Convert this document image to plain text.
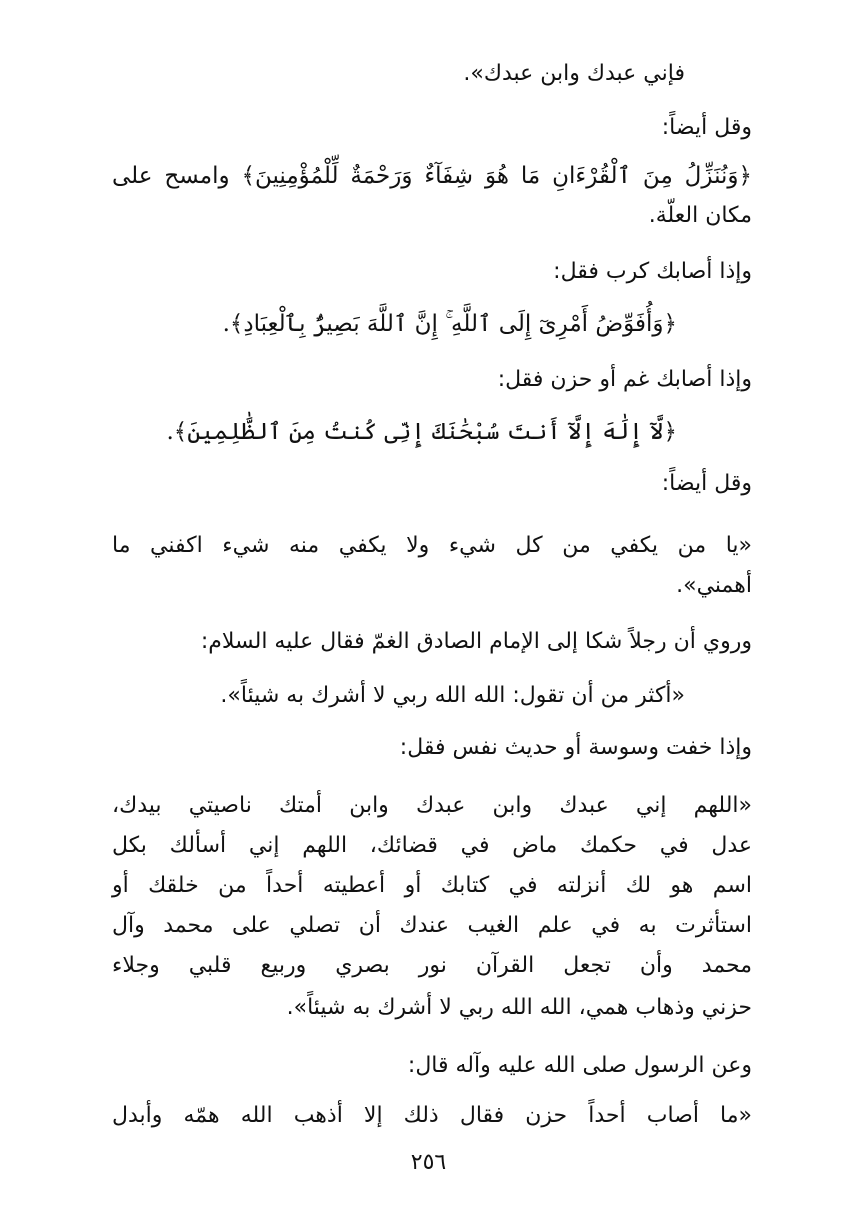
فإني عبدك وابن عبدك».
وقل أيضاً:
﴿وَنُنَزِّلُ مِنَ ٱلْقُرْءَانِ مَا هُوَ شِفَآءٌ وَرَحْمَةٌ لِّلْمُؤْمِنِينَ﴾ وامسح على
مكان العلّة.
وإذا أصابك كرب فقل:
﴿وَأُفَوِّضُ أَمْرِىٓ إِلَى ٱللَّهِ ۚ إِنَّ ٱللَّهَ بَصِيرٌۢ بِٱلْعِبَادِ﴾.
وإذا أصابك غم أو حزن فقل:
﴿لَّآ إِلَٰهَ إِلَّآ أَنتَ سُبْحَٰنَكَ إِنِّى كُنتُ مِنَ ٱلظَّٰلِمِينَ﴾.
وقل أيضاً:
«يا من يكفي من كل شيء ولا يكفي منه شيء اكفني ما
أهمني».
وروي أن رجلاً شكا إلى الإمام الصادق الغمّ فقال عليه السلام:
«أكثر من أن تقول: الله الله ربي لا أشرك به شيئاً».
وإذا خفت وسوسة أو حديث نفس فقل:
«اللهم إني عبدك وابن عبدك وابن أمتك ناصيتي بيدك،
عدل في حكمك ماض في قضائك، اللهم إني أسألك بكل
اسم هو لك أنزلته في كتابك أو أعطيته أحداً من خلقك أو
استأثرت به في علم الغيب عندك أن تصلي على محمد وآل
محمد وأن تجعل القرآن نور بصري وربيع قلبي وجلاء
حزني وذهاب همي، الله الله ربي لا أشرك به شيئاً».
وعن الرسول صلى الله عليه وآله قال:
«ما أصاب أحداً حزن فقال ذلك إلا أذهب الله همّه وأبدل
٢٥٦
